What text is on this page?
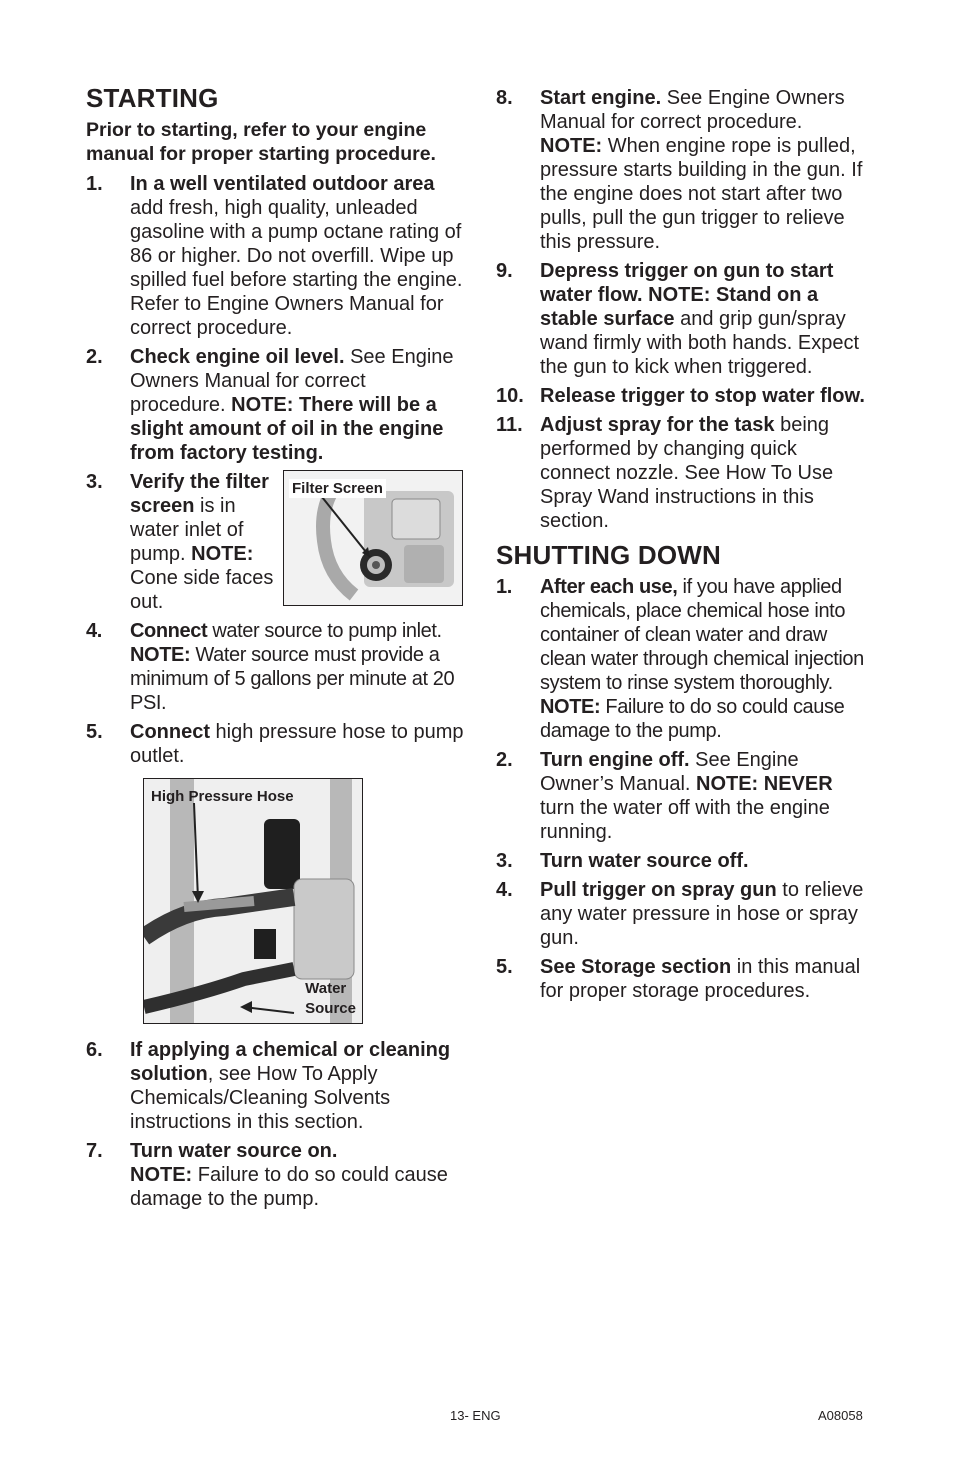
STARTING

Prior to starting, refer to your engine manual for proper starting procedure.

1. In a well ventilated outdoor area add fresh, high quality, unleaded gasoline with a pump octane rating of 86 or higher. Do not overfill. Wipe up spilled fuel before starting the engine. Refer to Engine Owners Manual for correct procedure.
2. Check engine oil level. See Engine Owners Manual for correct procedure. NOTE: There will be a slight amount of oil in the engine from factory testing.
3. Verify the filter screen is in water inlet of pump. NOTE: Cone side faces out.
Filter Screen
4. Connect water source to pump inlet. NOTE: Water source must provide a minimum of 5 gallons per minute at 20 PSI.
5. Connect high pressure hose to pump outlet.
High Pressure Hose
Water
Source
6. If applying a chemical or cleaning solution, see How To Apply Chemicals/Cleaning Solvents instructions in this section.
7. Turn water source on.
NOTE: Failure to do so could cause damage to the pump.
8. Start engine. See Engine Owners Manual for correct procedure. NOTE: When engine rope is pulled, pressure starts building in the gun. If the engine does not start after two pulls, pull the gun trigger to relieve this pressure.
9. Depress trigger on gun to start water flow. NOTE: Stand on a stable surface and grip gun/spray wand firmly with both hands. Expect the gun to kick when triggered.
10. Release trigger to stop water flow.
11. Adjust spray for the task being performed by changing quick connect nozzle. See How To Use Spray Wand instructions in this section.
SHUTTING DOWN
1. After each use, if you have applied chemicals, place chemical hose into container of clean water and draw clean water through chemical injection system to rinse system thoroughly. NOTE: Failure to do so could cause damage to the pump.
2. Turn engine off. See Engine Owner’s Manual. NOTE: NEVER turn the water off with the engine running.
3. Turn water source off.
4. Pull trigger on spray gun to relieve any water pressure in hose or spray gun.
5. See Storage section in this manual for proper storage procedures.
13- ENG	A08058
